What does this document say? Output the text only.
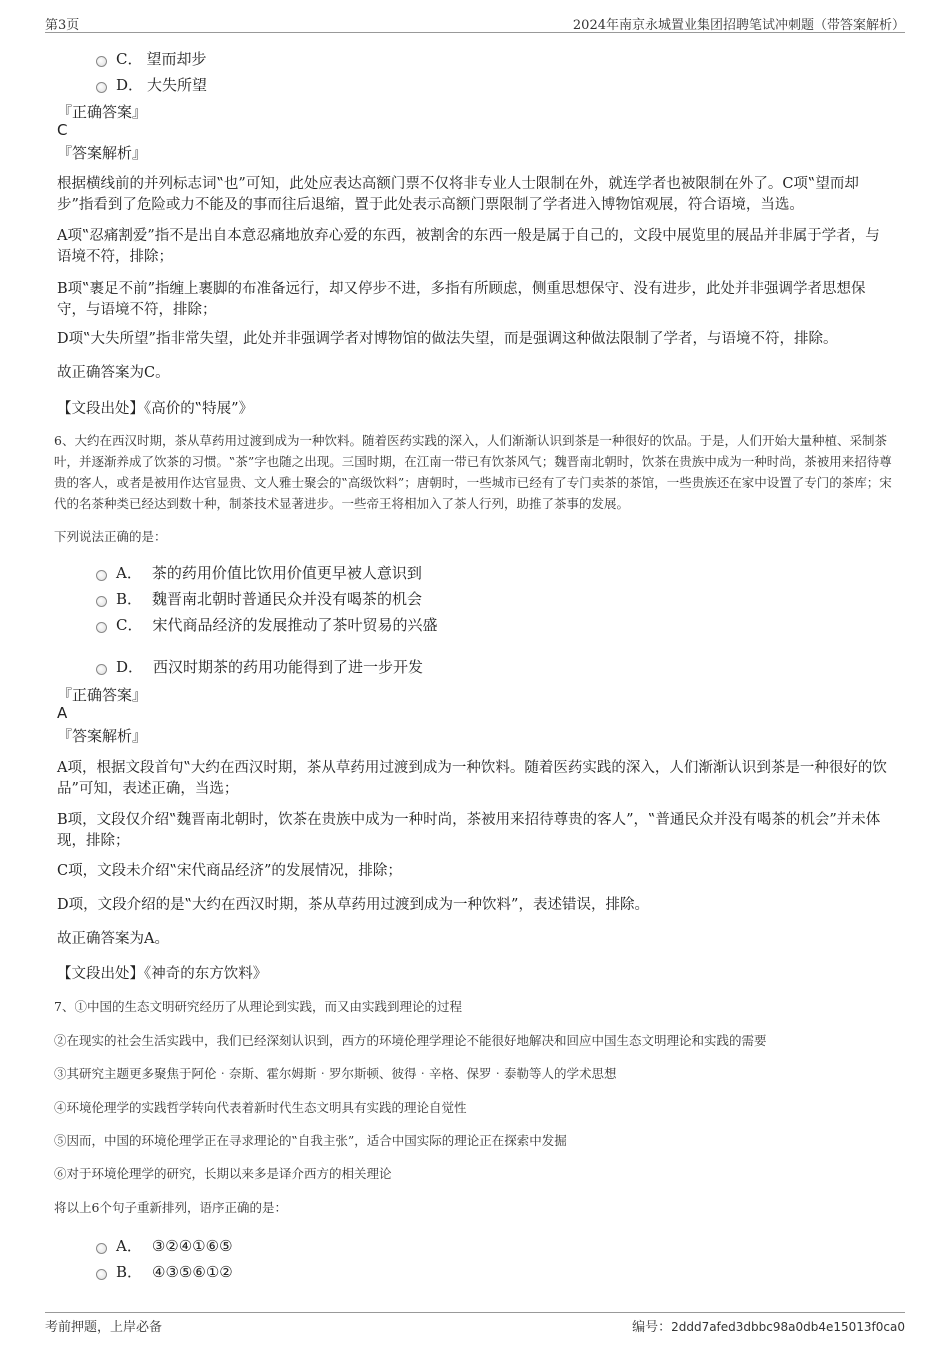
第3页	2024年南京永城置业集团招聘笔试冲刺题（带答案解析）
C． 望而却步
D． 大失所望
『正确答案』
C
『答案解析』
根据横线前的并列标志词‟也”可知，此处应表达高额门票不仅将非专业人士限制在外，就连学者也被限制在外了。C项‟望而却步”指看到了危险或力不能及的事而往后退缩，置于此处表示高额门票限制了学者进入博物馆观展，符合语境，当选。
A项‟忍痛割爱”指不是出自本意忍痛地放弃心爱的东西，被割舍的东西一般是属于自己的，文段中展览里的展品并非属于学者，与语境不符，排除；
B项‟裹足不前”指缠上裹脚的布准备远行，却又停步不进，多指有所顾虑，侧重思想保守、没有进步，此处并非强调学者思想保守，与语境不符，排除；
D项‟大失所望”指非常失望，此处并非强调学者对博物馆的做法失望，而是强调这种做法限制了学者，与语境不符，排除。
故正确答案为C。
【文段出处】《高价的‟特展”》
6、大约在西汉时期，茶从草药用过渡到成为一种饮料。随着医药实践的深入，人们渐渐认识到茶是一种很好的饮品。于是，人们开始大量种植、采制茶叶，并逐渐养成了饮茶的习惯。‟茶”字也随之出现。三国时期，在江南一带已有饮茶风气；魏晋南北朝时，饮茶在贵族中成为一种时尚，茶被用来招待尊贵的客人，或者是被用作达官显贵、文人雅士聚会的‟高级饮料”；唐朝时，一些城市已经有了专门卖茶的茶馆，一些贵族还在家中设置了专门的茶库；宋代的名茶种类已经达到数十种，制茶技术显著进步。一些帝王将相加入了茶人行列，助推了茶事的发展。
下列说法正确的是：
A． 茶的药用价值比饮用价值更早被人意识到
B． 魏晋南北朝时普通民众并没有喝茶的机会
C． 宋代商品经济的发展推动了茶叶贸易的兴盛
D． 西汉时期茶的药用功能得到了进一步开发
『正确答案』
A
『答案解析』
A项，根据文段首句‟大约在西汉时期，茶从草药用过渡到成为一种饮料。随着医药实践的深入，人们渐渐认识到茶是一种很好的饮品”可知，表述正确，当选；
B项，文段仅介绍‟魏晋南北朝时，饮茶在贵族中成为一种时尚，茶被用来招待尊贵的客人”，‟普通民众并没有喝茶的机会”并未体现，排除；
C项，文段未介绍‟宋代商品经济”的发展情况，排除；
D项，文段介绍的是‟大约在西汉时期，茶从草药用过渡到成为一种饮料”，表述错误，排除。
故正确答案为A。
【文段出处】《神奇的东方饮料》
7、①中国的生态文明研究经历了从理论到实践，而又由实践到理论的过程
②在现实的社会生活实践中，我们已经深刻认识到，西方的环境伦理学理论不能很好地解决和回应中国生态文明理论和实践的需要
③其研究主题更多聚焦于阿伦‧奈斯、霍尔姆斯‧罗尔斯顿、彼得‧辛格、保罗‧泰勒等人的学术思想
④环境伦理学的实践哲学转向代表着新时代生态文明具有实践的理论自觉性
⑤因而，中国的环境伦理学正在寻求理论的‟自我主张”，适合中国实际的理论正在探索中发掘
⑥对于环境伦理学的研究，长期以来多是译介西方的相关理论
将以上6个句子重新排列，语序正确的是：
A． ③②④①⑥⑤
B． ④③⑤⑥①②
考前押题，上岸必备	编号：2ddd7afed3dbbc98a0db4e15013f0ca0
